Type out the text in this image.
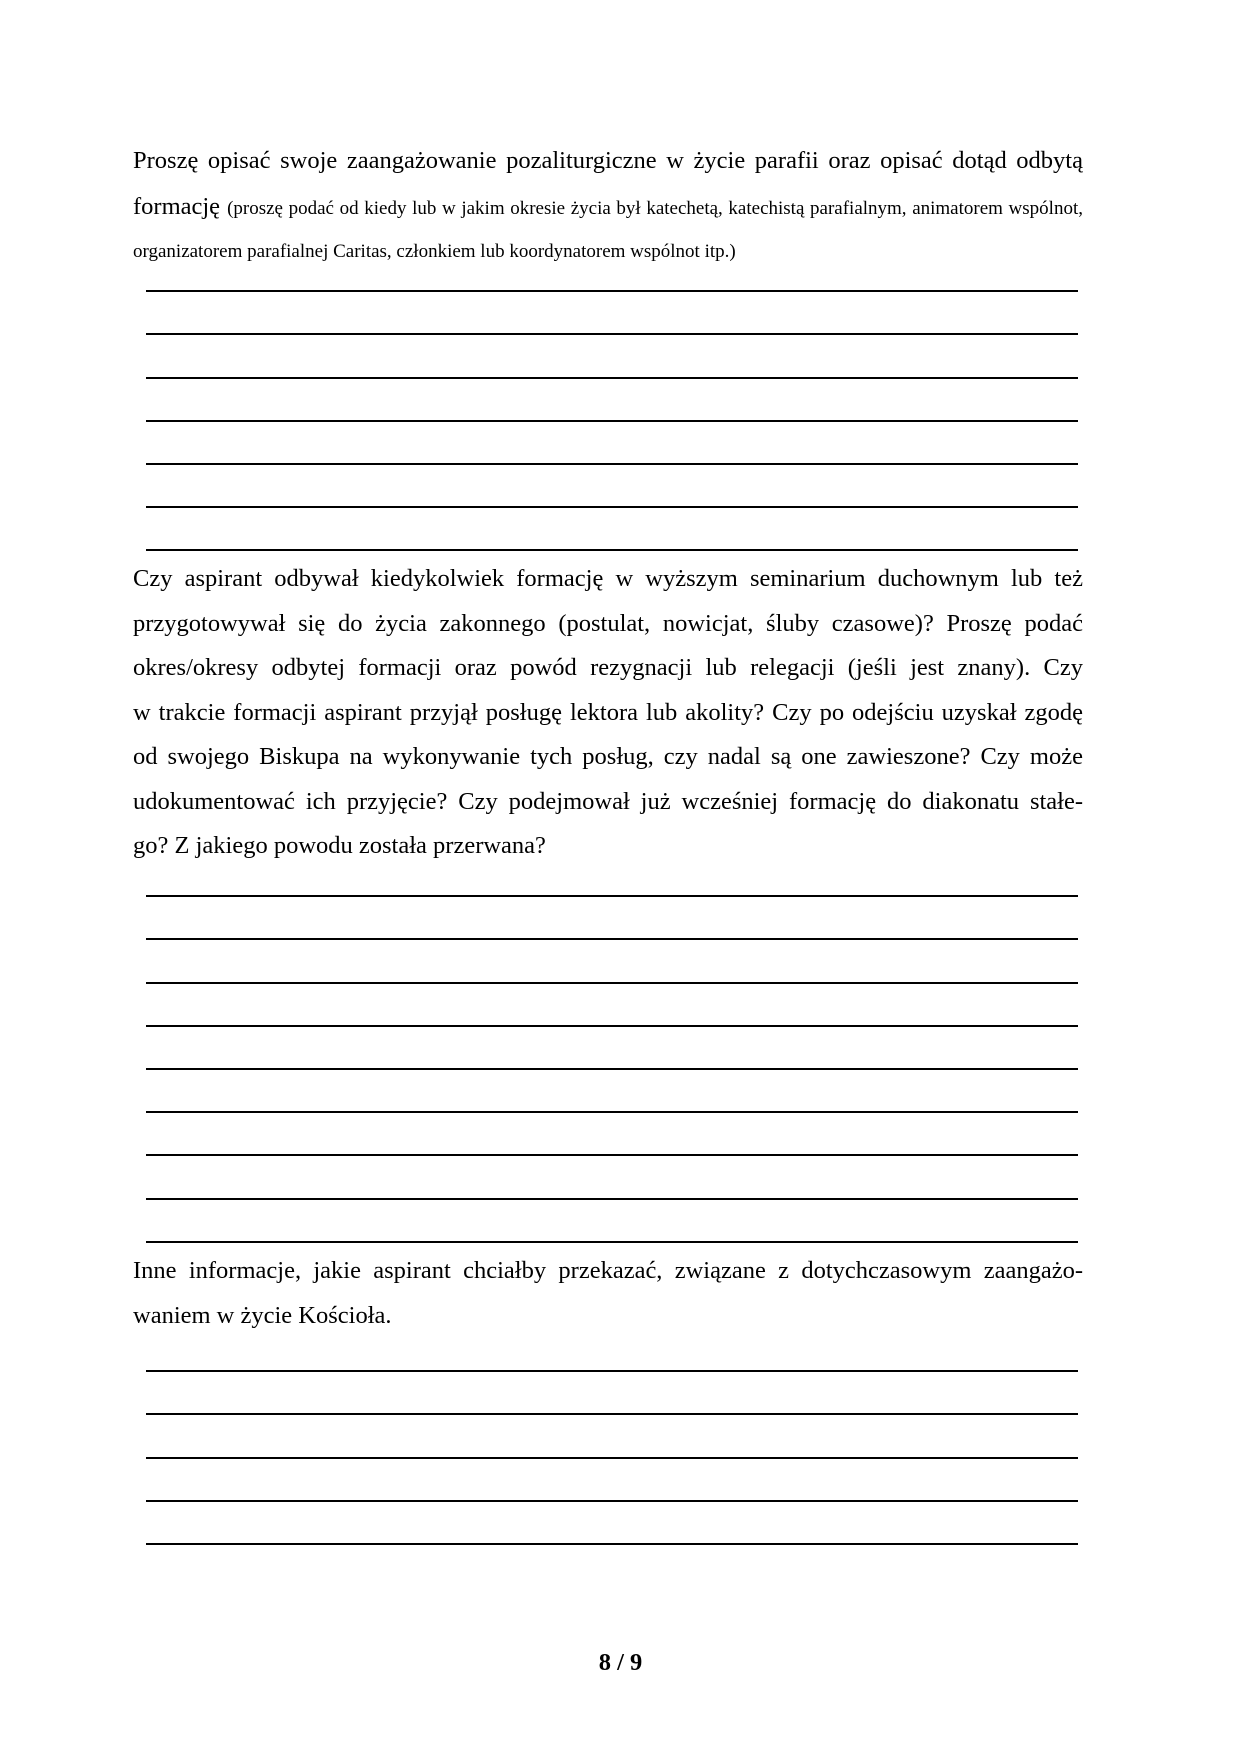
Proszę opisać swoje zaangażowanie pozaliturgiczne w życie parafii oraz opisać dotąd odbytą
formację (proszę podać od kiedy lub w jakim okresie życia był katechetą, katechistą parafialnym, animatorem wspólnot,
organizatorem parafialnej Caritas, członkiem lub koordynatorem wspólnot itp.)
Czy aspirant odbywał kiedykolwiek formację w wyższym seminarium duchownym lub też
przygotowywał się do życia zakonnego (postulat, nowicjat, śluby czasowe)? Proszę podać
okres/okresy odbytej formacji oraz powód rezygnacji lub relegacji (jeśli jest znany). Czy
w trakcie formacji aspirant przyjął posługę lektora lub akolity? Czy po odejściu uzyskał zgodę
od swojego Biskupa na wykonywanie tych posług, czy nadal są one zawieszone? Czy może
udokumentować ich przyjęcie? Czy podejmował już wcześniej formację do diakonatu stałe-
go? Z jakiego powodu została przerwana?
Inne informacje, jakie aspirant chciałby przekazać, związane z dotychczasowym zaangażo-
waniem w życie Kościoła.
8 / 9
